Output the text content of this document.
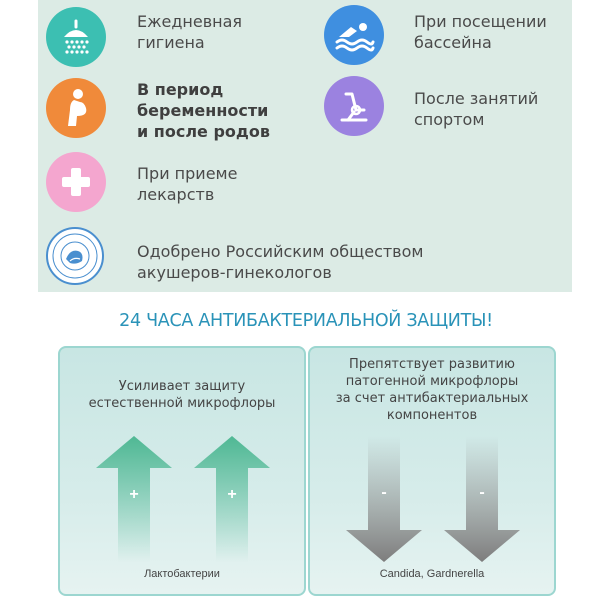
Ежедневная
гигиена
При посещении
бассейна
В период
беременности
и после родов
После занятий
спортом
При приеме
лекарств
Одобрено Российским обществом
акушеров-гинекологов
24 ЧАСА АНТИБАКТЕРИАЛЬНОЙ ЗАЩИТЫ!
Усиливает защиту
естественной микрофлоры
+	+
Лактобактерии
Препятствует развитию
патогенной микрофлоры
за счет антибактериальных
компонентов
-	-
Candida, Gardnerella
